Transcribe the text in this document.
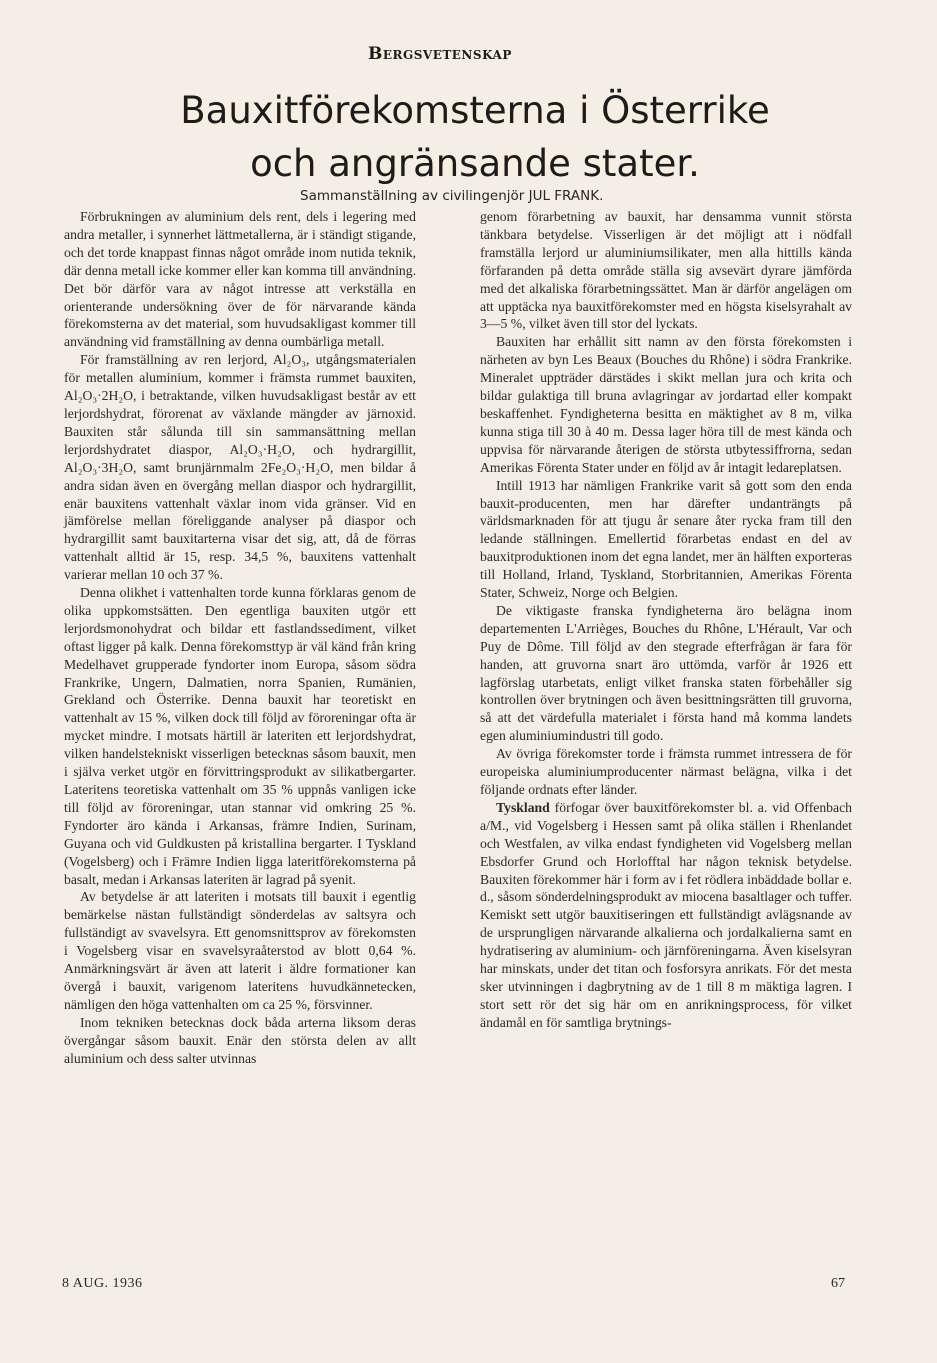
Bergsvetenskap
Bauxitförekomsterna i Österrike och angränsande stater.
Sammanställning av civilingenjör JUL FRANK.

Förbrukningen av aluminium dels rent, dels i legering med andra metaller, i synnerhet lättmetallerna, är i ständigt stigande, och det torde knappast finnas något område inom nutida teknik, där denna metall icke kommer eller kan komma till användning. Det bör därför vara av något intresse att verkställa en orienterande undersökning över de för närvarande kända förekomsterna av det material, som huvudsakligast kommer till användning vid framställning av denna oumbärliga metall.

För framställning av ren lerjord, Al₂O₃, utgångsmaterialen för metallen aluminium, kommer i främsta rummet bauxiten, Al₂O₃·2H₂O, i betraktande, vilken huvudsakligast består av ett lerjordshydrat, förorenat av växlande mängder av järnoxid. Bauxiten står sålunda till sin sammansättning mellan lerjordshydratet diaspor, Al₂O₃·H₂O, och hydrargillit, Al₂O₃·3H₂O, samt brunjärnmalm 2Fe₂O₃·H₂O, men bildar å andra sidan även en övergång mellan diaspor och hydrargillit, enär bauxitens vattenhalt växlar inom vida gränser. Vid en jämförelse mellan föreliggande analyser på diaspor och hydrargillit samt bauxitarterna visar det sig, att, då de förras vattenhalt alltid är 15, resp. 34,5 %, bauxitens vattenhalt varierar mellan 10 och 37 %.

Denna olikhet i vattenhalten torde kunna förklaras genom de olika uppkomstsätten. Den egentliga bauxiten utgör ett lerjordsmonohydrat och bildar ett fastlandssediment, vilket oftast ligger på kalk. Denna förekomsttyp är väl känd från kring Medelhavet grupperade fyndorter inom Europa, såsom södra Frankrike, Ungern, Dalmatien, norra Spanien, Rumänien, Grekland och Österrike. Denna bauxit har teoretiskt en vattenhalt av 15 %, vilken dock till följd av föroreningar ofta är mycket mindre. I motsats härtill är lateriten ett lerjordshydrat, vilken handelstekniskt visserligen betecknas såsom bauxit, men i själva verket utgör en förvittringsprodukt av silikatbergarter. Lateritens teoretiska vattenhalt om 35 % uppnås vanligen icke till följd av föroreningar, utan stannar vid omkring 25 %. Fyndorter äro kända i Arkansas, främre Indien, Surinam, Guyana och vid Guldkusten på kristallina bergarter. I Tyskland (Vogelsberg) och i Främre Indien ligga lateritförekomsterna på basalt, medan i Arkansas lateriten är lagrad på syenit.

Av betydelse är att lateriten i motsats till bauxit i egentlig bemärkelse nästan fullständigt sönderdelas av saltsyra och fullständigt av svavelsyra. Ett genomsnittsprov av förekomsten i Vogelsberg visar en svavelsyraåterstod av blott 0,64 %. Anmärkningsvärt är även att laterit i äldre formationer kan övergå i bauxit, varigenom lateritens huvudkännetecken, nämligen den höga vattenhalten om ca 25 %, försvinner.

Inom tekniken betecknas dock båda arterna liksom deras övergångar såsom bauxit. Enär den största delen av allt aluminium och dess salter utvinnas

genom förarbetning av bauxit, har densamma vunnit största tänkbara betydelse. Visserligen är det möjligt att i nödfall framställa lerjord ur aluminiumsilikater, men alla hittills kända förfaranden på detta område ställa sig avsevärt dyrare jämförda med det alkaliska förarbetningssättet. Man är därför angelägen om att upptäcka nya bauxitförekomster med en högsta kiselsyrahalt av 3—5 %, vilket även till stor del lyckats.

Bauxiten har erhållit sitt namn av den första förekomsten i närheten av byn Les Beaux (Bouches du Rhône) i södra Frankrike. Mineralet uppträder därstädes i skikt mellan jura och krita och bildar gulaktiga till bruna avlagringar av jordartad eller kompakt beskaffenhet. Fyndigheterna besitta en mäktighet av 8 m, vilka kunna stiga till 30 à 40 m. Dessa lager höra till de mest kända och uppvisa för närvarande återigen de största utbytessiffrorna, sedan Amerikas Förenta Stater under en följd av år intagit ledareplatsen.

Intill 1913 har nämligen Frankrike varit så gott som den enda bauxit-producenten, men har därefter undanträngts på världsmarknaden för att tjugu år senare åter rycka fram till den ledande ställningen. Emellertid förarbetas endast en del av bauxitproduktionen inom det egna landet, mer än hälften exporteras till Holland, Irland, Tyskland, Storbritannien, Amerikas Förenta Stater, Schweiz, Norge och Belgien.

De viktigaste franska fyndigheterna äro belägna inom departementen L'Arrièges, Bouches du Rhône, L'Hérault, Var och Puy de Dôme. Till följd av den stegrade efterfrågan är fara för handen, att gruvorna snart äro uttömda, varför år 1926 ett lagförslag utarbetats, enligt vilket franska staten förbehåller sig kontrollen över brytningen och även besittningsrätten till gruvorna, så att det värdefulla materialet i första hand må komma landets egen aluminiumindustri till godo.

Av övriga förekomster torde i främsta rummet intressera de för europeiska aluminiumproducenter närmast belägna, vilka i det följande ordnats efter länder.

Tyskland förfogar över bauxitförekomster bl. a. vid Offenbach a/M., vid Vogelsberg i Hessen samt på olika ställen i Rhenlandet och Westfalen, av vilka endast fyndigheten vid Vogelsberg mellan Ebsdorfer Grund och Horlofftal har någon teknisk betydelse. Bauxiten förekommer här i form av i fet rödlera inbäddade bollar e. d., såsom sönderdelningsprodukt av miocena basaltlager och tuffer. Kemiskt sett utgör bauxitiseringen ett fullständigt avlägsnande av de ursprungligen närvarande alkalierna och jordalkalierna samt en hydratisering av aluminium- och järnföreningarna. Även kiselsyran har minskats, under det titan och fosforsyra anrikats. För det mesta sker utvinningen i dagbrytning av de 1 till 8 m mäktiga lagren. I stort sett rör det sig här om en anrikningsprocess, för vilket ändamål en för samtliga brytnings-

8 AUG. 1936	67
